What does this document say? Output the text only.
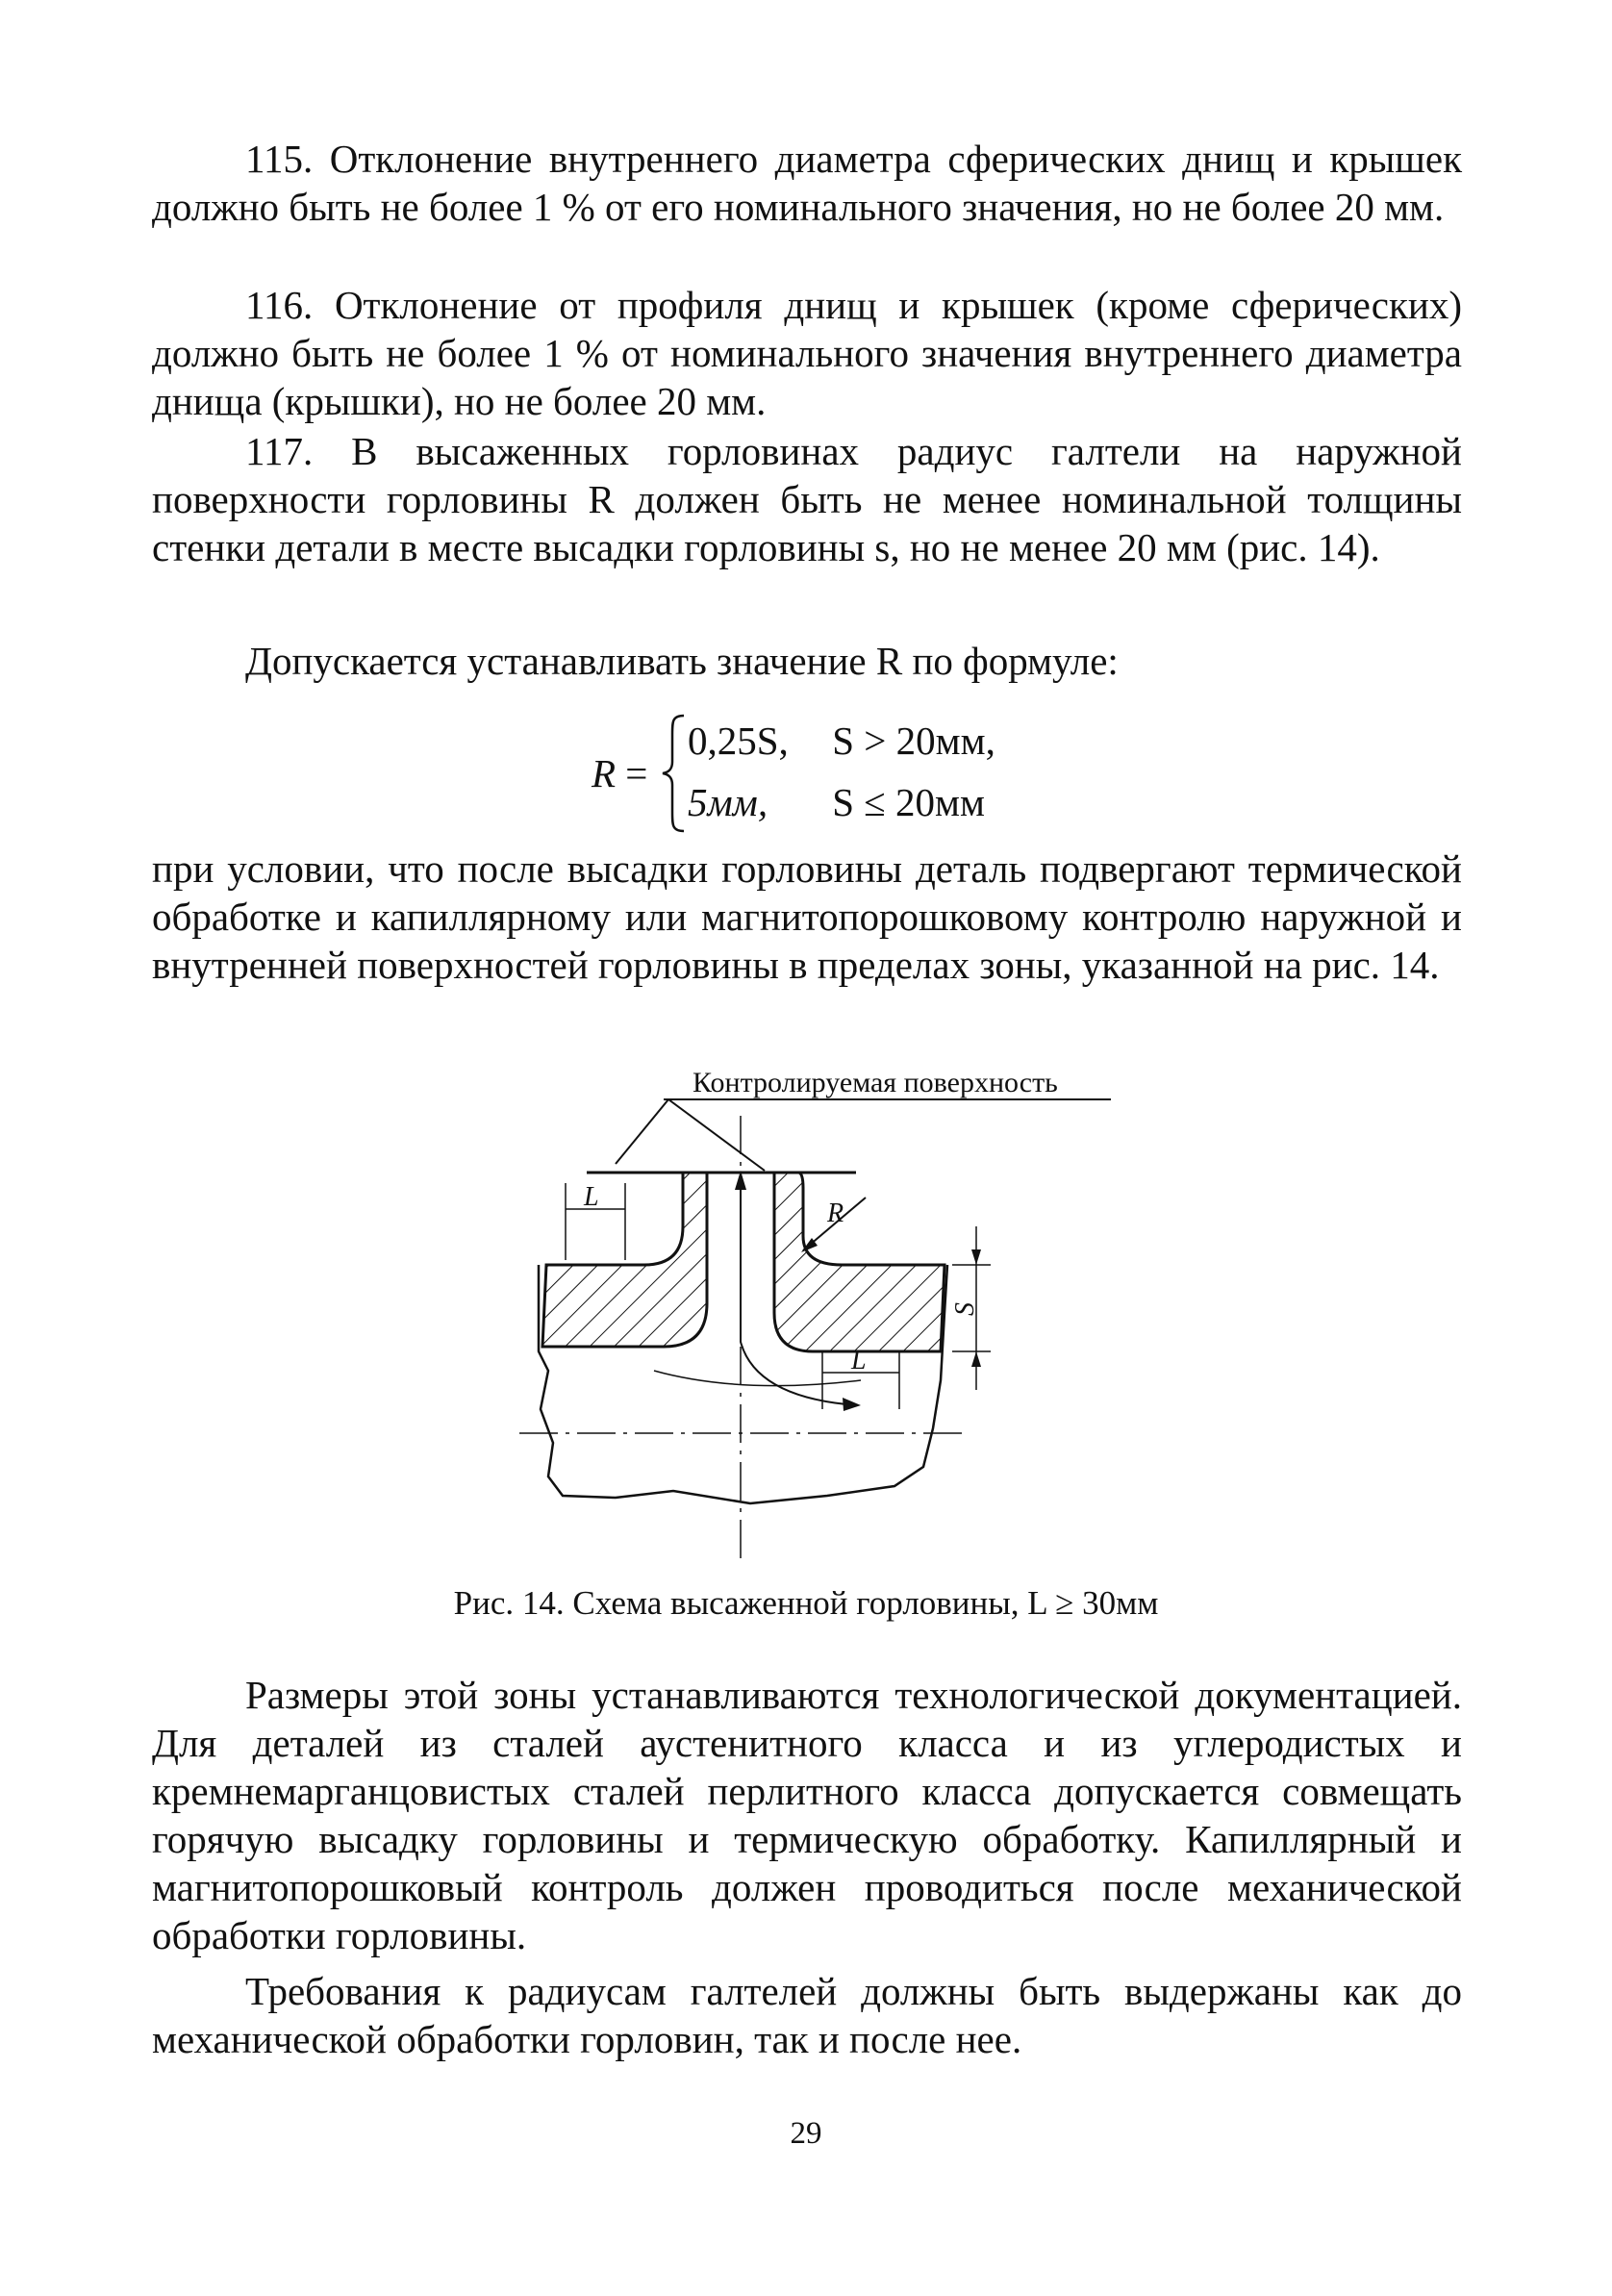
115. Отклонение внутреннего диаметра сферических днищ и крышек должно быть не более 1 % от его номинального значения, но не более 20 мм.

116. Отклонение от профиля днищ и крышек (кроме сферических) должно быть не более 1 % от номинального значения внутреннего диаметра днища (крышки), но не более 20 мм.

117. В высаженных горловинах радиус галтели на наружной поверхности горловины R должен быть не менее номинальной толщины стенки детали в месте высадки горловины s, но не менее 20 мм (рис. 14).

Допускается устанавливать значение R по формуле:

R =
0,25S, S > 20мм,
5мм, S ≤ 20мм

при условии, что после высадки горловины деталь подвергают термической обработке и капиллярному или магнитопорошковому контролю наружной и внутренней поверхностей горловины в пределах зоны, указанной на рис. 14.

Контролируемая поверхность
L
L
R
S
Рис. 14. Схема высаженной горловины, L ≥ 30мм

Размеры этой зоны устанавливаются технологической документацией. Для деталей из сталей аустенитного класса и из углеродистых и кремнемарганцовистых сталей перлитного класса допускается совмещать горячую высадку горловины и термическую обработку. Капиллярный и магнитопорошковый контроль должен проводиться после механической обработки горловины.

Требования к радиусам галтелей должны быть выдержаны как до механической обработки горловин, так и после нее.

29
